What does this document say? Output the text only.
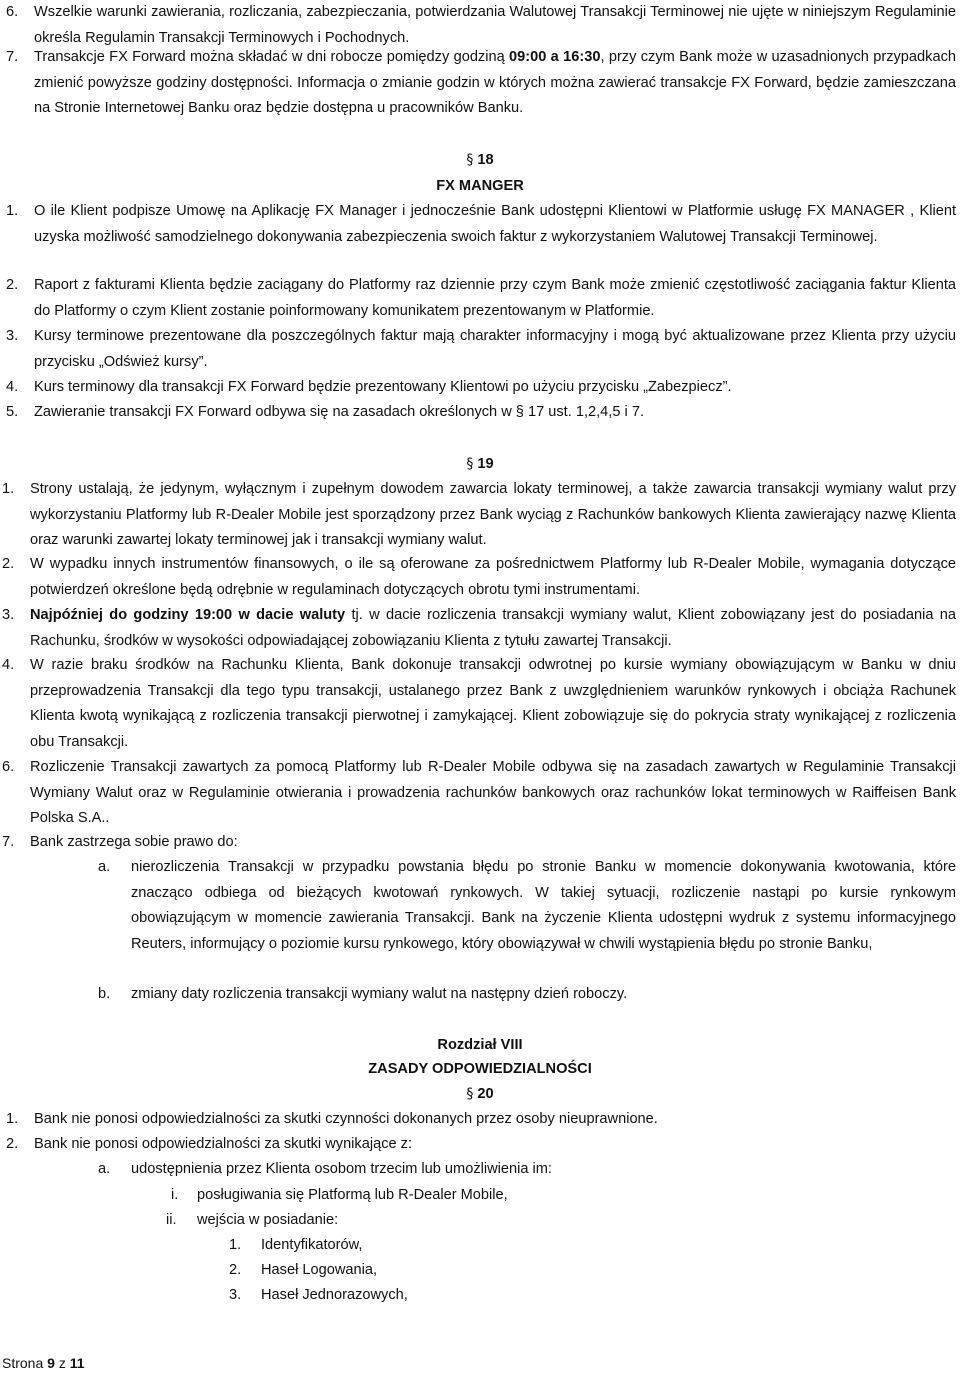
6. Wszelkie warunki zawierania, rozliczania, zabezpieczania, potwierdzania Walutowej Transakcji Terminowej nie ujęte w niniejszym Regulaminie określa Regulamin Transakcji Terminowych i Pochodnych.
7. Transakcje FX Forward można składać w dni robocze pomiędzy godziną 09:00 a 16:30, przy czym Bank może w uzasadnionych przypadkach zmienić powyższe godziny dostępności. Informacja o zmianie godzin w których można zawierać transakcje FX Forward, będzie zamieszczana na Stronie Internetowej Banku oraz będzie dostępna u pracowników Banku.
§ 18
FX MANGER
1. O ile Klient podpisze Umowę na Aplikację FX Manager i jednocześnie Bank udostępni Klientowi w Platformie usługę FX MANAGER , Klient uzyska możliwość samodzielnego dokonywania zabezpieczenia swoich faktur z wykorzystaniem Walutowej Transakcji Terminowej.
2. Raport z fakturami Klienta będzie zaciągany do Platformy raz dziennie przy czym Bank może zmienić częstotliwość zaciągania faktur Klienta do Platformy o czym Klient zostanie poinformowany komunikatem prezentowanym w Platformie.
3. Kursy terminowe prezentowane dla poszczególnych faktur mają charakter informacyjny i mogą być aktualizowane przez Klienta przy użyciu przycisku „Odśwież kursy”.
4. Kurs terminowy dla transakcji FX Forward będzie prezentowany Klientowi po użyciu przycisku „Zabezpiecz”.
5. Zawieranie transakcji FX Forward odbywa się na zasadach określonych w § 17 ust. 1,2,4,5 i 7.
§ 19
1. Strony ustalają, że jedynym, wyłącznym i zupełnym dowodem zawarcia lokaty terminowej, a także zawarcia transakcji wymiany walut przy wykorzystaniu Platformy lub R-Dealer Mobile jest sporządzony przez Bank wyciąg z Rachunków bankowych Klienta zawierający nazwę Klienta oraz warunki zawartej lokaty terminowej jak i transakcji wymiany walut.
2. W wypadku innych instrumentów finansowych, o ile są oferowane za pośrednictwem Platformy lub R-Dealer Mobile, wymagania dotyczące potwierdzeń określone będą odrębnie w regulaminach dotyczących obrotu tymi instrumentami.
3. Najpóźniej do godziny 19:00 w dacie waluty tj. w dacie rozliczenia transakcji wymiany walut, Klient zobowiązany jest do posiadania na Rachunku, środków w wysokości odpowiadającej zobowiązaniu Klienta z tytułu zawartej Transakcji.
4. W razie braku środków na Rachunku Klienta, Bank dokonuje transakcji odwrotnej po kursie wymiany obowiązującym w Banku w dniu przeprowadzenia Transakcji dla tego typu transakcji, ustalanego przez Bank z uwzględnieniem warunków rynkowych i obciąża Rachunek Klienta kwotą wynikającą z rozliczenia transakcji pierwotnej i zamykającej. Klient zobowiązuje się do pokrycia straty wynikającej z rozliczenia obu Transakcji.
6. Rozliczenie Transakcji zawartych za pomocą Platformy lub R-Dealer Mobile odbywa się na zasadach zawartych w Regulaminie Transakcji Wymiany Walut oraz w Regulaminie otwierania i prowadzenia rachunków bankowych oraz rachunków lokat terminowych w Raiffeisen Bank Polska S.A..
7. Bank zastrzega sobie prawo do:
a. nierozliczenia Transakcji w przypadku powstania błędu po stronie Banku w momencie dokonywania kwotowania, które znacząco odbiega od bieżących kwotowań rynkowych. W takiej sytuacji, rozliczenie nastąpi po kursie rynkowym obowiązującym w momencie zawierania Transakcji. Bank na życzenie Klienta udostępni wydruk z systemu informacyjnego Reuters, informujący o poziomie kursu rynkowego, który obowiązywał w chwili wystąpienia błędu po stronie Banku,
b. zmiany daty rozliczenia transakcji wymiany walut na następny dzień roboczy.
Rozdział VIII
ZASADY ODPOWIEDZIALNOŚCI
§ 20
1. Bank nie ponosi odpowiedzialności za skutki czynności dokonanych przez osoby nieuprawnione.
2. Bank nie ponosi odpowiedzialności za skutki wynikające z:
a. udostępnienia przez Klienta osobom trzecim lub umożliwienia im:
i. posługiwania się Platformą lub R-Dealer Mobile,
ii. wejścia w posiadanie:
1. Identyfikatorów,
2. Haseł Logowania,
3. Haseł Jednorazowych,
Strona 9 z 11
